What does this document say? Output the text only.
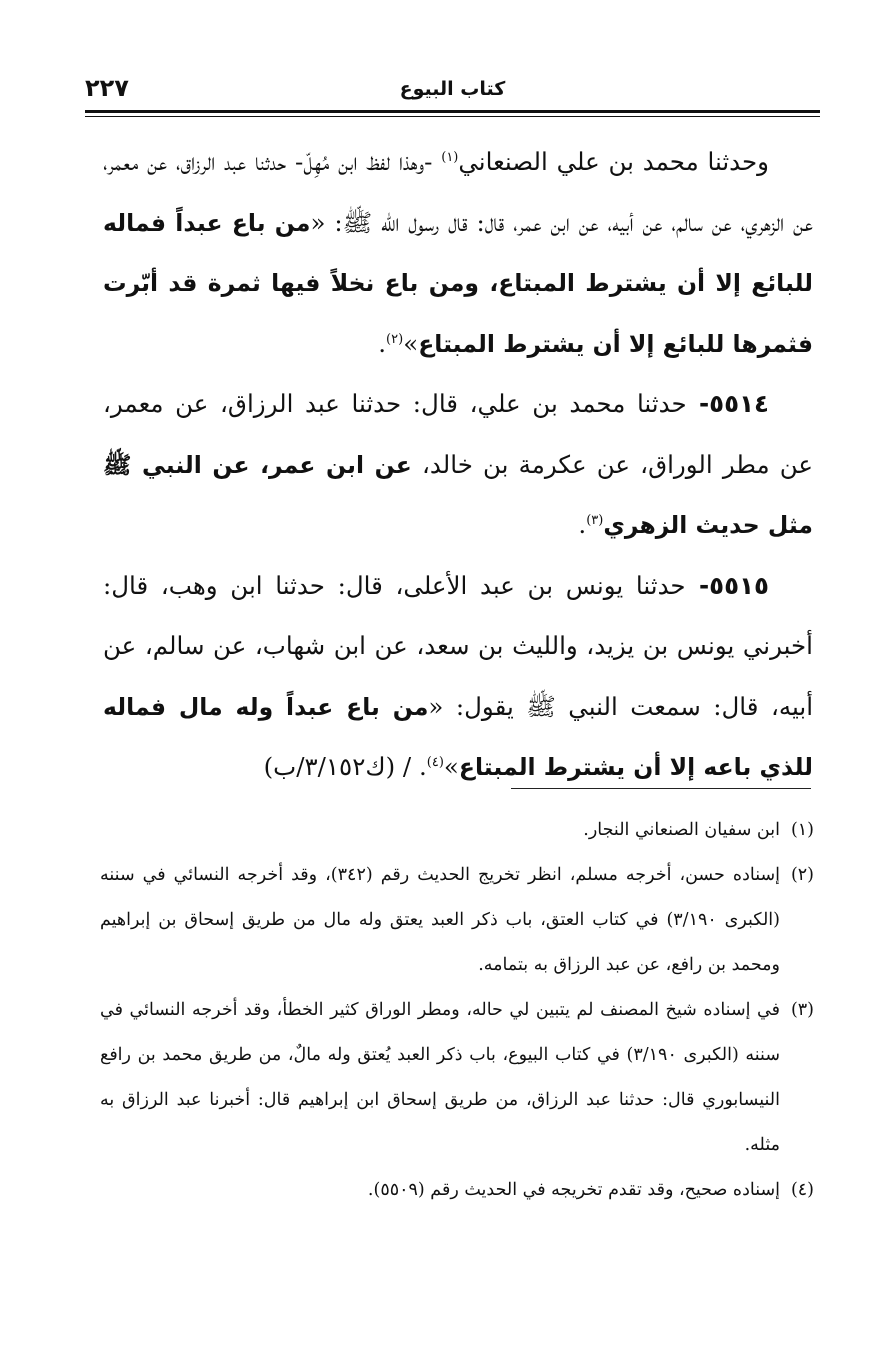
٢٢٧	كتاب البيوع

وحدثنا محمد بن علي الصنعاني$^{(١)}$ -وهذا لفظ ابن مُهِلّ- حدثنا عبد الرزاق، عن معمر، عن الزهري، عن سالم، عن أبيه، عن ابن عمر، قال: قال رسول الله ﷺ: «من باع عبداً فماله للبائع إلا أن يشترط المبتاع، ومن باع نخلاً فيها ثمرة قد أبّرت فثمرها للبائع إلا أن يشترط المبتاع»$^{(٢)}$.

٥٥١٤- حدثنا محمد بن علي، قال: حدثنا عبد الرزاق، عن معمر، عن مطر الوراق، عن عكرمة بن خالد، عن ابن عمر، عن النبي ﷺ مثل حديث الزهري$^{(٣)}$.

٥٥١٥- حدثنا يونس بن عبد الأعلى، قال: حدثنا ابن وهب، قال: أخبرني يونس بن يزيد، والليث بن سعد، عن ابن شهاب، عن سالم، عن أبيه، قال: سمعت النبي ﷺ يقول: «من باع عبداً وله مال فماله للذي باعه إلا أن يشترط المبتاع»$^{(٤)}$. / (ك٣/١٥٢/ب)

(١)ابن سفيان الصنعاني النجار.

(٢)إسناده حسن، أخرجه مسلم، انظر تخريج الحديث رقم (٣٤٢)، وقد أخرجه النسائي في سننه (الكبرى ٣/١٩٠) في كتاب العتق، باب ذكر العبد يعتق وله مال من طريق إسحاق بن إبراهيم ومحمد بن رافع، عن عبد الرزاق به بتمامه.

(٣)في إسناده شيخ المصنف لم يتبين لي حاله، ومطر الوراق كثير الخطأ، وقد أخرجه النسائي في سننه (الكبرى ٣/١٩٠) في كتاب البيوع، باب ذكر العبد يُعتق وله مالٌ، من طريق محمد بن رافع النيسابوري قال: حدثنا عبد الرزاق، من طريق إسحاق ابن إبراهيم قال: أخبرنا عبد الرزاق به مثله.

(٤)إسناده صحيح، وقد تقدم تخريجه في الحديث رقم (٥٥٠٩).
